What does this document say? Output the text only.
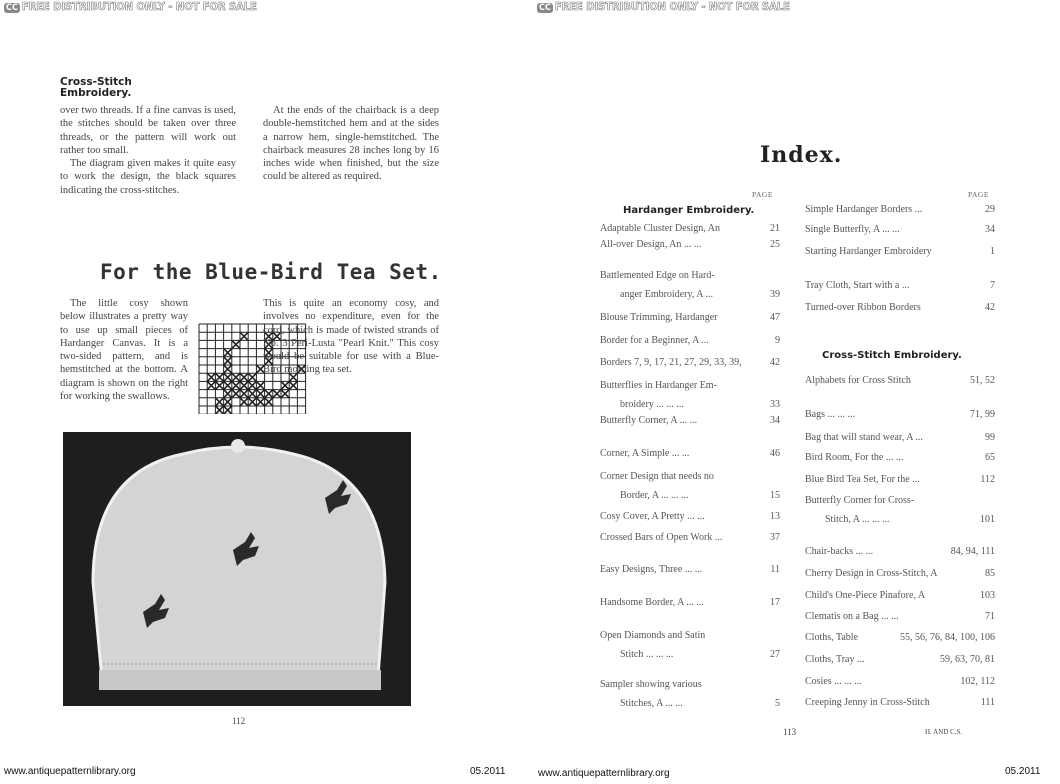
CC FREE DISTRIBUTION ONLY - NOT FOR SALE	CC FREE DISTRIBUTION ONLY - NOT FOR SALE
Cross-Stitch
Embroidery.
over two threads. If a fine canvas is used, the stitches should be taken over three threads, or the pattern will work out rather too small.
The diagram given makes it quite easy to work the design, the black squares indicating the cross-stitches.
At the ends of the chairback is a deep double-hemstitched hem and at the sides a narrow hem, single-hemstitched. The chairback measures 28 inches long by 16 inches wide when finished, but the size could be altered as required.
For the Blue-Bird Tea Set.
The little cosy shown below illustrates a pretty way to use up small pieces of Hardanger Canvas. It is a two-sided pattern, and is hemstitched at the bottom. A diagram is shown on the right for working the swallows.
This is quite an economy cosy, and involves no expenditure, even for the cord, which is made of twisted strands of No. 3 Peri-Lusta "Pearl Knit." This cosy would be suitable for use with a Blue-Bird morning tea set.
112
Index.
PAGE	PAGE
Hardanger Embroidery.
Cross-Stitch Embroidery.
Adaptable Cluster Design, An	21
All-over Design, An ... ...	25
Battlemented Edge on Hard-
anger Embroidery, A ...	39
Blouse Trimming, Hardanger	47
Border for a Beginner, A ...	9
Borders 7, 9, 17, 21, 27, 29, 33, 39,	42
Butterflies in Hardanger Em-
broidery ... ... ...	33
Butterfly Corner, A ... ...	34
Corner, A Simple ... ...	46
Corner Design that needs no
Border, A ... ... ...	15
Cosy Cover, A Pretty ... ...	13
Crossed Bars of Open Work ...	37
Easy Designs, Three ... ...	11
Handsome Border, A ... ...	17
Open Diamonds and Satin
Stitch ... ... ...	27
Sampler showing various
Stitches, A ... ...	5
Simple Hardanger Borders ...	29
Single Butterfly, A ... ...	34
Starting Hardanger Embroidery	1
Tray Cloth, Start with a ...	7
Turned-over Ribbon Borders	42
Alphabets for Cross Stitch	51, 52
Bags ... ... ...	71, 99
Bag that will stand wear, A ...	99
Bird Room, For the ... ...	65
Blue Bird Tea Set, For the ...	112
Butterfly Corner for Cross-
Stitch, A ... ... ...	101
Chair-backs ... ...	84, 94, 111
Cherry Design in Cross-Stitch, A	85
Child's One-Piece Pinafore, A	103
Clematis on a Bag ... ...	71
Cloths, Table	55, 56, 76, 84, 100, 106
Cloths, Tray ...	59, 63, 70, 81
Cosies ... ... ...	102, 112
Creeping Jenny in Cross-Stitch	111
113	H. AND C.S.
www.antiquepatternlibrary.org	05.2011	www.antiquepatternlibrary.org	05.2011
